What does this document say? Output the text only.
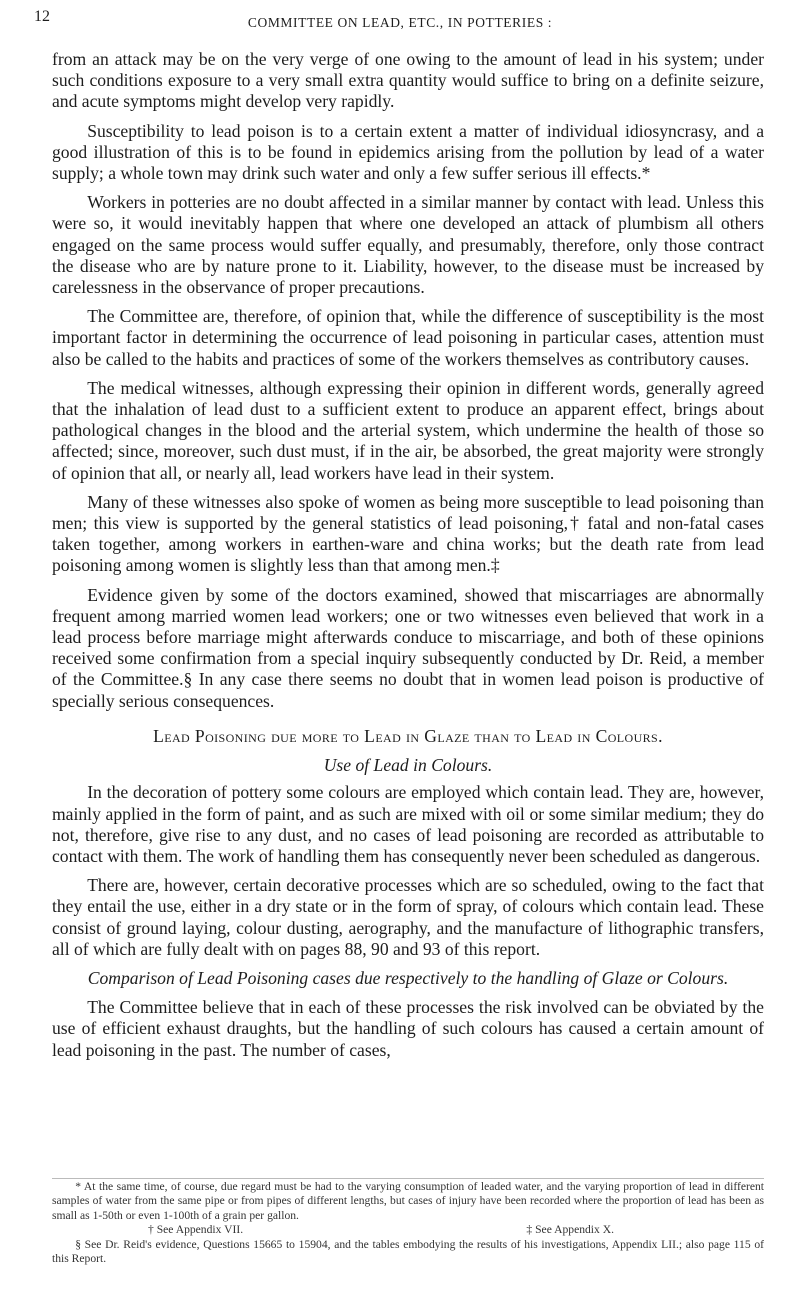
12	COMMITTEE ON LEAD, ETC., IN POTTERIES :

from an attack may be on the very verge of one owing to the amount of lead in his system; under such conditions exposure to a very small extra quantity would suffice to bring on a definite seizure, and acute symptoms might develop very rapidly.

Susceptibility to lead poison is to a certain extent a matter of individual idiosyncrasy, and a good illustration of this is to be found in epidemics arising from the pollution by lead of a water supply; a whole town may drink such water and only a few suffer serious ill effects.*

Workers in potteries are no doubt affected in a similar manner by contact with lead. Unless this were so, it would inevitably happen that where one developed an attack of plumbism all others engaged on the same process would suffer equally, and presumably, therefore, only those contract the disease who are by nature prone to it. Liability, however, to the disease must be increased by carelessness in the observance of proper precautions.

The Committee are, therefore, of opinion that, while the difference of susceptibility is the most important factor in determining the occurrence of lead poisoning in particular cases, attention must also be called to the habits and practices of some of the workers themselves as contributory causes.

The medical witnesses, although expressing their opinion in different words, generally agreed that the inhalation of lead dust to a sufficient extent to produce an apparent effect, brings about pathological changes in the blood and the arterial system, which undermine the health of those so affected; since, moreover, such dust must, if in the air, be absorbed, the great majority were strongly of opinion that all, or nearly all, lead workers have lead in their system.

Many of these witnesses also spoke of women as being more susceptible to lead poisoning than men; this view is supported by the general statistics of lead poisoning,† fatal and non-fatal cases taken together, among workers in earthen-ware and china works; but the death rate from lead poisoning among women is slightly less than that among men.‡

Evidence given by some of the doctors examined, showed that miscarriages are abnormally frequent among married women lead workers; one or two witnesses even believed that work in a lead process before marriage might afterwards conduce to miscarriage, and both of these opinions received some confirmation from a special inquiry subsequently conducted by Dr. Reid, a member of the Committee.§ In any case there seems no doubt that in women lead poison is productive of specially serious consequences.

Lead Poisoning due more to Lead in Glaze than to Lead in Colours.
Use of Lead in Colours.

In the decoration of pottery some colours are employed which contain lead. They are, however, mainly applied in the form of paint, and as such are mixed with oil or some similar medium; they do not, therefore, give rise to any dust, and no cases of lead poisoning are recorded as attributable to contact with them. The work of handling them has consequently never been scheduled as dangerous.

There are, however, certain decorative processes which are so scheduled, owing to the fact that they entail the use, either in a dry state or in the form of spray, of colours which contain lead. These consist of ground laying, colour dusting, aerography, and the manufacture of lithographic transfers, all of which are fully dealt with on pages 88, 90 and 93 of this report.

Comparison of Lead Poisoning cases due respectively to the handling of Glaze or Colours.

The Committee believe that in each of these processes the risk involved can be obviated by the use of efficient exhaust draughts, but the handling of such colours has caused a certain amount of lead poisoning in the past. The number of cases,

* At the same time, of course, due regard must be had to the varying consumption of leaded water, and the varying proportion of lead in different samples of water from the same pipe or from pipes of different lengths, but cases of injury have been recorded where the proportion of lead has been as small as 1-50th or even 1-100th of a grain per gallon.

† See Appendix VII.	‡ See Appendix X.

§ See Dr. Reid's evidence, Questions 15665 to 15904, and the tables embodying the results of his investigations, Appendix LII.; also page 115 of this Report.
